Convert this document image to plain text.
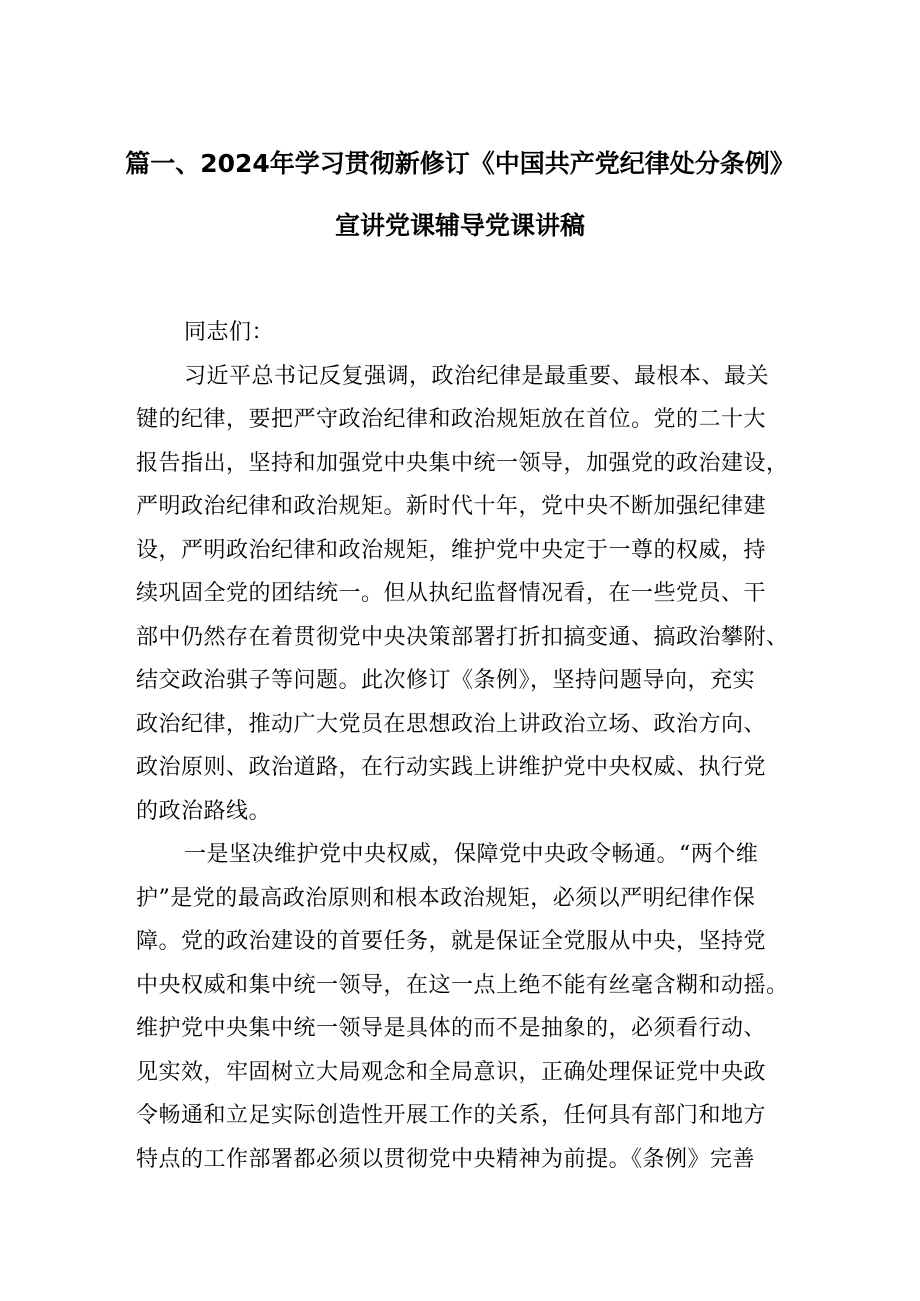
篇一、2024年学习贯彻新修订《中国共产党纪律处分条例》
宣讲党课辅导党课讲稿
同志们：
习近平总书记反复强调，政治纪律是最重要、最根本、最关
键的纪律，要把严守政治纪律和政治规矩放在首位。党的二十大
报告指出，坚持和加强党中央集中统一领导，加强党的政治建设，
严明政治纪律和政治规矩。新时代十年，党中央不断加强纪律建
设，严明政治纪律和政治规矩，维护党中央定于一尊的权威，持
续巩固全党的团结统一。但从执纪监督情况看，在一些党员、干
部中仍然存在着贯彻党中央决策部署打折扣搞变通、搞政治攀附、
结交政治骐子等问题。此次修订《条例》，坚持问题导向，充实
政治纪律，推动广大党员在思想政治上讲政治立场、政治方向、
政治原则、政治道路，在行动实践上讲维护党中央权威、执行党
的政治路线。
一是坚决维护党中央权威，保障党中央政令畅通。“两个维
护”是党的最高政治原则和根本政治规矩，必须以严明纪律作保
障。党的政治建设的首要任务，就是保证全党服从中央，坚持党
中央权威和集中统一领导，在这一点上绝不能有丝毫含糊和动摇。
维护党中央集中统一领导是具体的而不是抽象的，必须看行动、
见实效，牢固树立大局观念和全局意识，正确处理保证党中央政
令畅通和立足实际创造性开展工作的关系，任何具有部门和地方
特点的工作部署都必须以贯彻党中央精神为前提。《条例》完善
